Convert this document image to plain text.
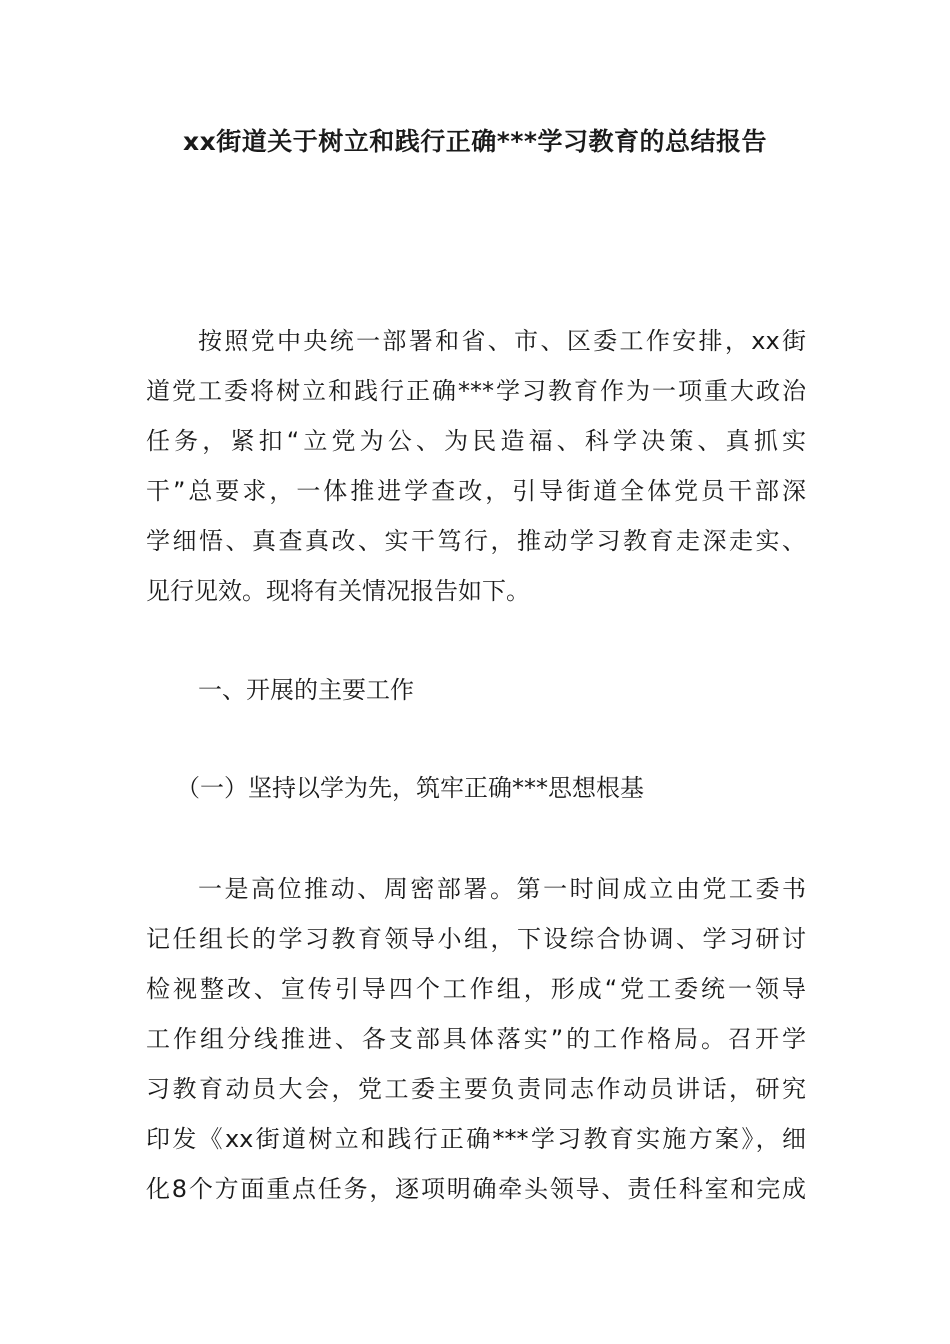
xx街道关于树立和践行正确***学习教育的总结报告
按照党中央统一部署和省、市、区委工作安排，xx街
道党工委将树立和践行正确***学习教育作为一项重大政治
任务，紧扣“立党为公、为民造福、科学决策、真抓实
干”总要求，一体推进学查改，引导街道全体党员干部深
学细悟、真查真改、实干笃行，推动学习教育走深走实、
见行见效。现将有关情况报告如下。
一、开展的主要工作
（一）坚持以学为先，筑牢正确***思想根基
一是高位推动、周密部署。第一时间成立由党工委书
记任组长的学习教育领导小组，下设综合协调、学习研讨
检视整改、宣传引导四个工作组，形成“党工委统一领导
工作组分线推进、各支部具体落实”的工作格局。召开学
习教育动员大会，党工委主要负责同志作动员讲话，研究
印发《xx街道树立和践行正确***学习教育实施方案》，细
化8个方面重点任务，逐项明确牵头领导、责任科室和完成
